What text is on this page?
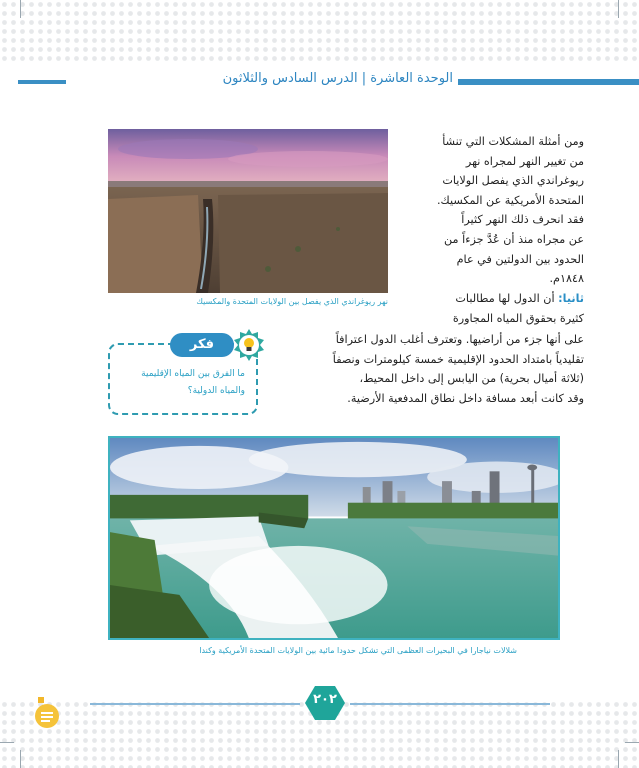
الوحدة العاشرة | الدرس السادس والثلاثون
نهر ريوغراندي الذي يفصل بين الولايات المتحدة والمكسيك
ومن أمثلة المشكلات التي تنشأ
من تغيير النهر لمجراه نهر
ريوغراندي الذي يفصل الولايات
المتحدة الأمريكية عن المكسيك.
فقد انحرف ذلك النهر كثيراً
عن مجراه منذ أن عُدَّ جزءاً من
الحدود بين الدولتين في عام
١٨٤٨م.
ثانيا: أن الدول لها مطالبات
كثيرة بحقوق المياه المجاورة
على أنها جزء من أراضيها. وتعترف أغلب الدول اعترافاً
تقليدياً بامتداد الحدود الإقليمية خمسة كيلومترات ونصفاً
(ثلاثة أميال بحرية) من اليابس إلى داخل المحيط،
وقد كانت أبعد مسافة داخل نطاق المدفعية الأرضية.
فكر
ما الفرق بين المياه الإقليمية
والمياه الدولية؟
شلالات نياجارا في البحيرات العظمى التي تشكل حدودا مائية بين الولايات المتحدة الأمريكية وكندا
٢٠٢
